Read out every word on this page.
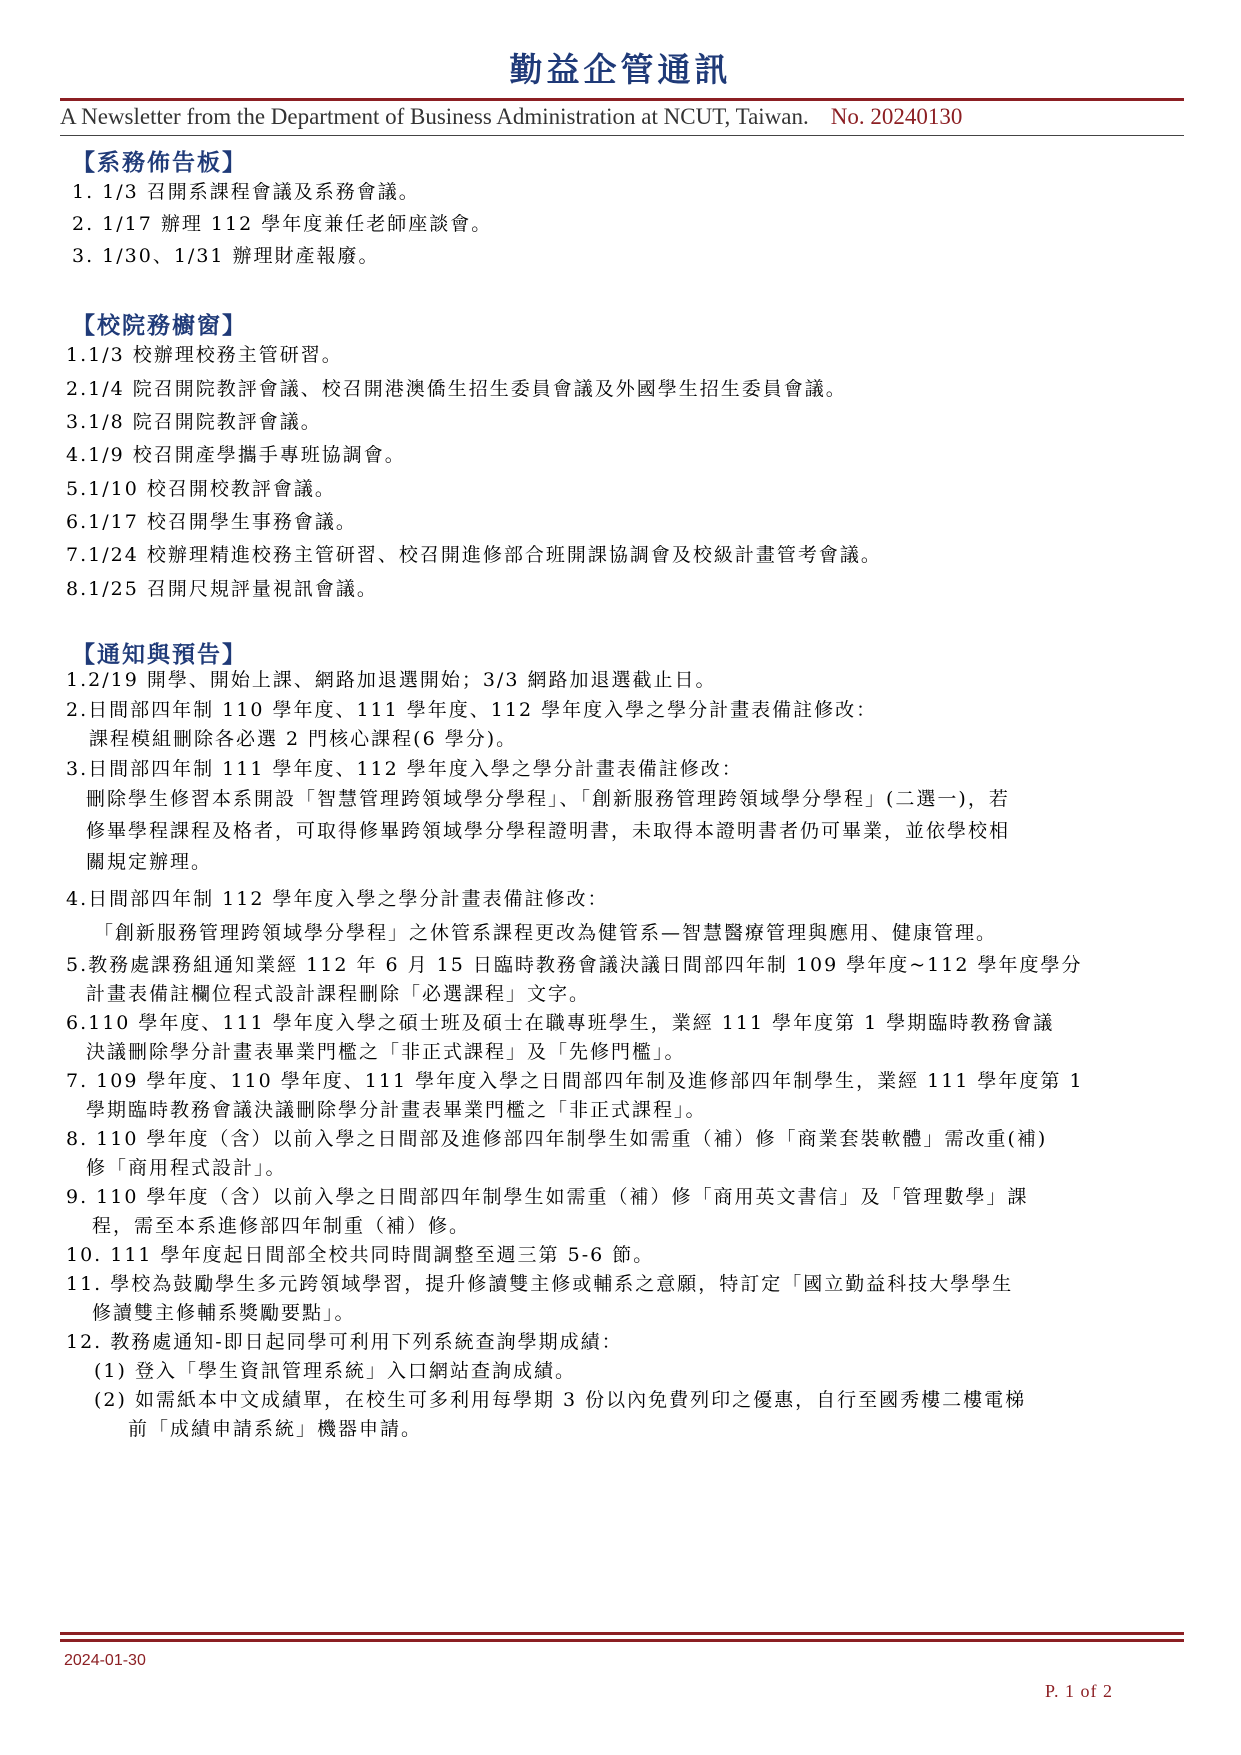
勤益企管通訊
A Newsletter from the Department of Business Administration at NCUT, Taiwan. No. 20240130
【系務佈告板】
1. 1/3 召開系課程會議及系務會議。
2. 1/17 辦理 112 學年度兼任老師座談會。
3. 1/30、1/31 辦理財產報廢。
【校院務櫥窗】
1.1/3 校辦理校務主管研習。
2.1/4 院召開院教評會議、校召開港澳僑生招生委員會議及外國學生招生委員會議。
3.1/8 院召開院教評會議。
4.1/9 校召開產學攜手專班協調會。
5.1/10 校召開校教評會議。
6.1/17 校召開學生事務會議。
7.1/24 校辦理精進校務主管研習、校召開進修部合班開課協調會及校級計畫管考會議。
8.1/25 召開尺規評量視訊會議。
【通知與預告】
1.2/19 開學、開始上課、網路加退選開始；3/3 網路加退選截止日。
2.日間部四年制 110 學年度、111 學年度、112 學年度入學之學分計畫表備註修改：
課程模組刪除各必選 2 門核心課程(6 學分)。
3.日間部四年制 111 學年度、112 學年度入學之學分計畫表備註修改：
刪除學生修習本系開設「智慧管理跨領域學分學程」、「創新服務管理跨領域學分學程」(二選一)，若
修畢學程課程及格者，可取得修畢跨領域學分學程證明書，未取得本證明書者仍可畢業，並依學校相
關規定辦理。
4.日間部四年制 112 學年度入學之學分計畫表備註修改：
「創新服務管理跨領域學分學程」之休管系課程更改為健管系—智慧醫療管理與應用、健康管理。
5.教務處課務組通知業經 112 年 6 月 15 日臨時教務會議決議日間部四年制 109 學年度~112 學年度學分
計畫表備註欄位程式設計課程刪除「必選課程」文字。
6.110 學年度、111 學年度入學之碩士班及碩士在職專班學生，業經 111 學年度第 1 學期臨時教務會議
決議刪除學分計畫表畢業門檻之「非正式課程」及「先修門檻」。
7. 109 學年度、110 學年度、111 學年度入學之日間部四年制及進修部四年制學生，業經 111 學年度第 1
學期臨時教務會議決議刪除學分計畫表畢業門檻之「非正式課程」。
8. 110 學年度（含）以前入學之日間部及進修部四年制學生如需重（補）修「商業套裝軟體」需改重(補)
修「商用程式設計」。
9. 110 學年度（含）以前入學之日間部四年制學生如需重（補）修「商用英文書信」及「管理數學」課
程，需至本系進修部四年制重（補）修。
10. 111 學年度起日間部全校共同時間調整至週三第 5-6 節。
11. 學校為鼓勵學生多元跨領域學習，提升修讀雙主修或輔系之意願，特訂定「國立勤益科技大學學生
修讀雙主修輔系獎勵要點」。
12. 教務處通知-即日起同學可利用下列系統查詢學期成績：
(1) 登入「學生資訊管理系統」入口網站查詢成績。
(2) 如需紙本中文成績單，在校生可多利用每學期 3 份以內免費列印之優惠，自行至國秀樓二樓電梯
前「成績申請系統」機器申請。
2024-01-30
P. 1 of 2
